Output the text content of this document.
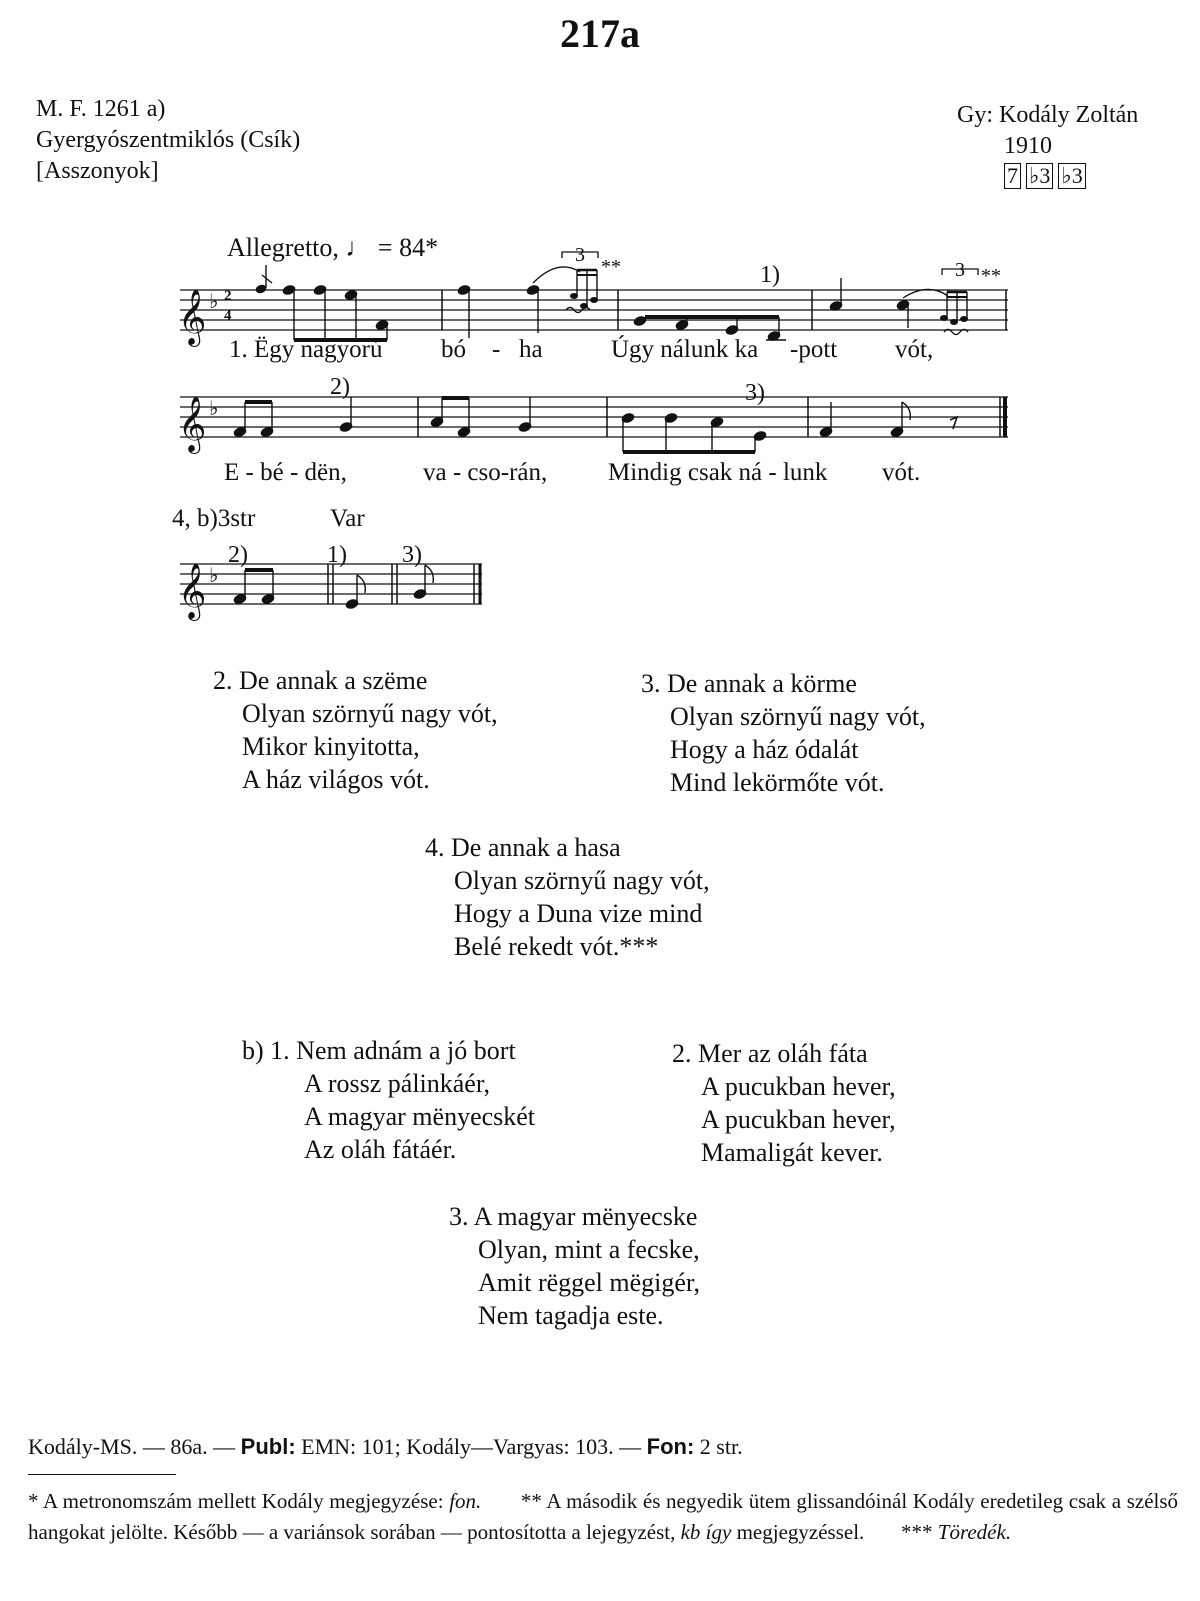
217a
M. F. 1261 a)
Gyergyószentmiklós (Csík)
[Asszonyok]
Gy: Kodály Zoltán
1910
7 ♭3 ♭3
Allegretto, ♩ = 84*
𝄞
𝄞
𝄞
♭
♭
♭
2
4
3
3
**	**
1)
2)	3)
2)	1) 3)
1. Ëgy nagyorú bó - ha	Úgy nálunk ka -pott vót,
E - bé - dën,	va - cso-rán, Mindig csak ná - lunk vót.
4, b)3str	Var
2. De annak a szëme
Olyan szörnyű nagy vót,
Mikor kinyitotta,
A ház világos vót.
3. De annak a körme
Olyan szörnyű nagy vót,
Hogy a ház ódalát
Mind lekörmőte vót.
4. De annak a hasa
Olyan szörnyű nagy vót,
Hogy a Duna vize mind
Belé rekedt vót.***
b) 1. Nem adnám a jó bort
A rossz pálinkáér,
A magyar mënyecskét
Az oláh fátáér.
2. Mer az oláh fáta
A pucukban hever,
A pucukban hever,
Mamaligát kever.
3. A magyar mënyecske
Olyan, mint a fecske,
Amit rëggel mëgigér,
Nem tagadja este.
Kodály-MS. — 86a. — Publ: EMN: 101; Kodály—Vargyas: 103. — Fon: 2 str.
* A metronomszám mellett Kodály megjegyzése: fon. ** A második és negyedik ütem glissandóinál Kodály eredetileg csak a szélső hangokat jelölte. Később — a variánsok sorában — pontosította a lejegyzést, kb így megjegyzéssel. *** Töredék.
